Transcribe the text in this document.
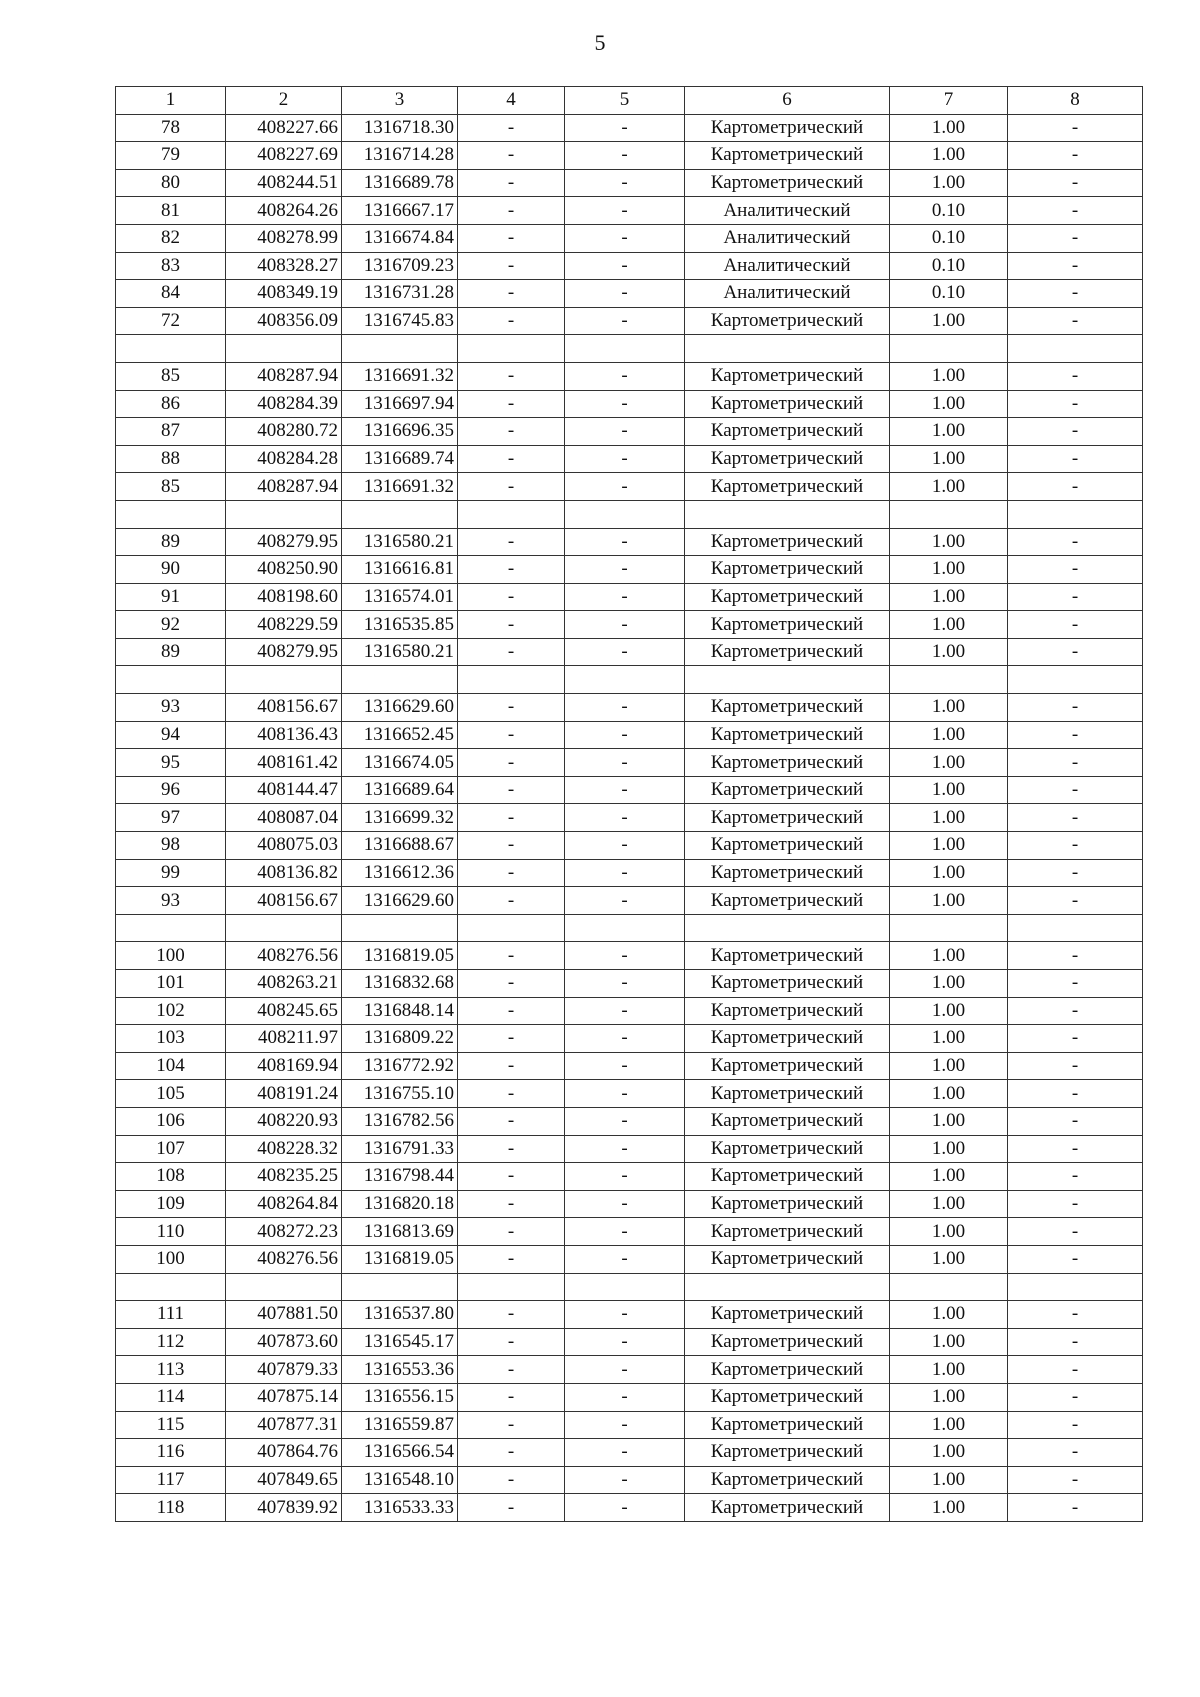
5
1	2	3	4	5	6	7	8
78	408227.66	1316718.30	-	-	Картометрический	1.00	-
79	408227.69	1316714.28	-	-	Картометрический	1.00	-
80	408244.51	1316689.78	-	-	Картометрический	1.00	-
81	408264.26	1316667.17	-	-	Аналитический	0.10	-
82	408278.99	1316674.84	-	-	Аналитический	0.10	-
83	408328.27	1316709.23	-	-	Аналитический	0.10	-
84	408349.19	1316731.28	-	-	Аналитический	0.10	-
72	408356.09	1316745.83	-	-	Картометрический	1.00	-

85	408287.94	1316691.32	-	-	Картометрический	1.00	-
86	408284.39	1316697.94	-	-	Картометрический	1.00	-
87	408280.72	1316696.35	-	-	Картометрический	1.00	-
88	408284.28	1316689.74	-	-	Картометрический	1.00	-
85	408287.94	1316691.32	-	-	Картометрический	1.00	-

89	408279.95	1316580.21	-	-	Картометрический	1.00	-
90	408250.90	1316616.81	-	-	Картометрический	1.00	-
91	408198.60	1316574.01	-	-	Картометрический	1.00	-
92	408229.59	1316535.85	-	-	Картометрический	1.00	-
89	408279.95	1316580.21	-	-	Картометрический	1.00	-

93	408156.67	1316629.60	-	-	Картометрический	1.00	-
94	408136.43	1316652.45	-	-	Картометрический	1.00	-
95	408161.42	1316674.05	-	-	Картометрический	1.00	-
96	408144.47	1316689.64	-	-	Картометрический	1.00	-
97	408087.04	1316699.32	-	-	Картометрический	1.00	-
98	408075.03	1316688.67	-	-	Картометрический	1.00	-
99	408136.82	1316612.36	-	-	Картометрический	1.00	-
93	408156.67	1316629.60	-	-	Картометрический	1.00	-

100	408276.56	1316819.05	-	-	Картометрический	1.00	-
101	408263.21	1316832.68	-	-	Картометрический	1.00	-
102	408245.65	1316848.14	-	-	Картометрический	1.00	-
103	408211.97	1316809.22	-	-	Картометрический	1.00	-
104	408169.94	1316772.92	-	-	Картометрический	1.00	-
105	408191.24	1316755.10	-	-	Картометрический	1.00	-
106	408220.93	1316782.56	-	-	Картометрический	1.00	-
107	408228.32	1316791.33	-	-	Картометрический	1.00	-
108	408235.25	1316798.44	-	-	Картометрический	1.00	-
109	408264.84	1316820.18	-	-	Картометрический	1.00	-
110	408272.23	1316813.69	-	-	Картометрический	1.00	-
100	408276.56	1316819.05	-	-	Картометрический	1.00	-

111	407881.50	1316537.80	-	-	Картометрический	1.00	-
112	407873.60	1316545.17	-	-	Картометрический	1.00	-
113	407879.33	1316553.36	-	-	Картометрический	1.00	-
114	407875.14	1316556.15	-	-	Картометрический	1.00	-
115	407877.31	1316559.87	-	-	Картометрический	1.00	-
116	407864.76	1316566.54	-	-	Картометрический	1.00	-
117	407849.65	1316548.10	-	-	Картометрический	1.00	-
118	407839.92	1316533.33	-	-	Картометрический	1.00	-
